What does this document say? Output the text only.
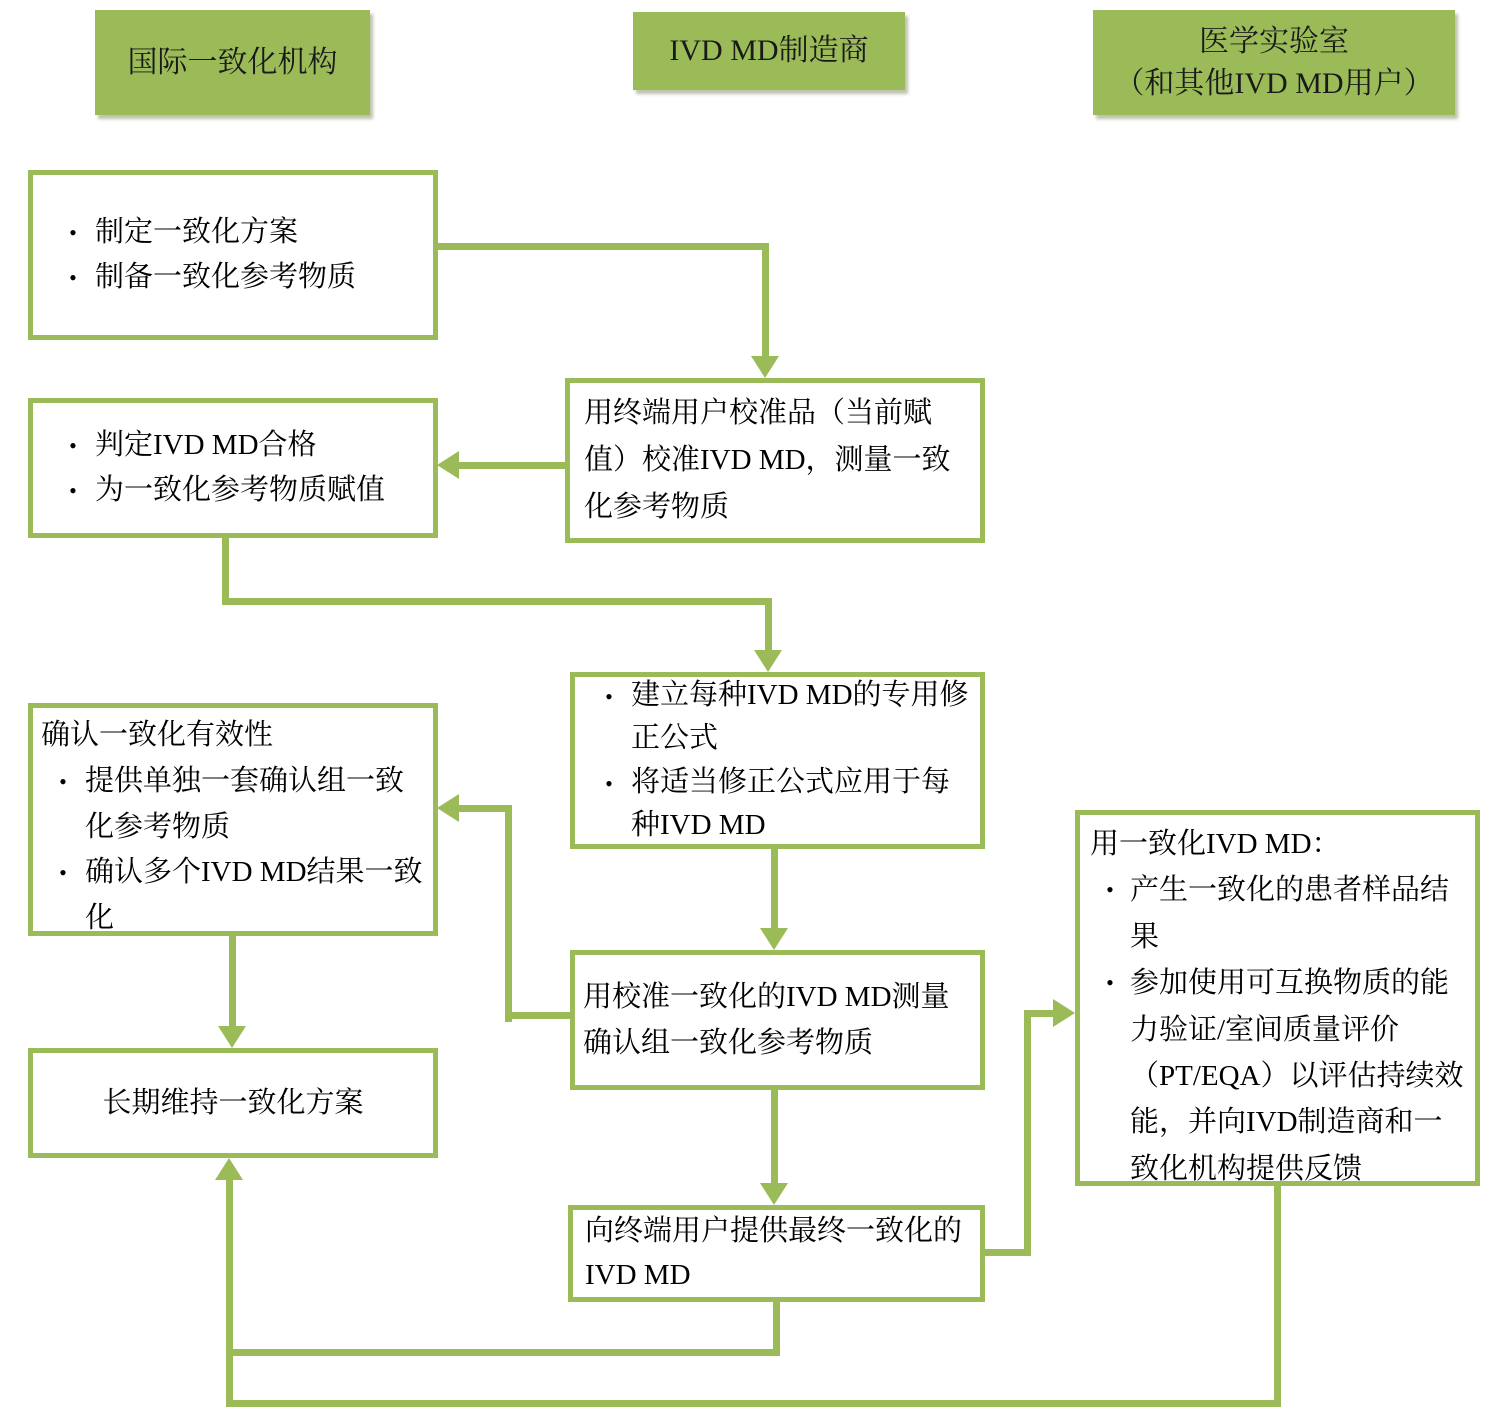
国际一致化机构	IVD MD制造商	医学实验室
（和其他IVD MD用户）
• 制定一致化方案
• 制备一致化参考物质
• 判定IVD MD合格
• 为一致化参考物质赋值
确认一致化有效性
• 提供单独一套确认组一致化参考物质
• 确认多个IVD MD结果一致化
长期维持一致化方案
用终端用户校准品（当前赋值）校准IVD MD，测量一致化参考物质
• 建立每种IVD MD的专用修正公式
• 将适当修正公式应用于每种IVD MD
用校准一致化的IVD MD测量确认组一致化参考物质
向终端用户提供最终一致化的IVD MD
用一致化IVD MD：
• 产生一致化的患者样品结果
• 参加使用可互换物质的能力验证/室间质量评价（PT/EQA）以评估持续效能，并向IVD制造商和一致化机构提供反馈
